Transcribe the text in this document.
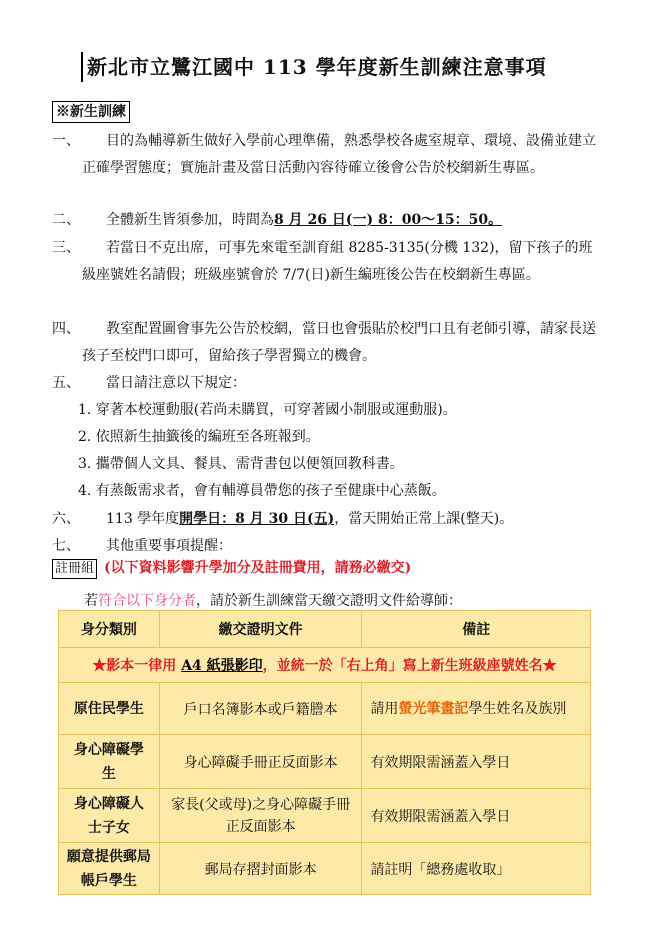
新北市立鷺江國中 113 學年度新生訓練注意事項
※新生訓練
一、	目的為輔導新生做好入學前心理準備，熟悉學校各處室規章、環境、設備並建立正確學習態度；實施計畫及當日活動內容待確立後會公告於校網新生專區。
二、	全體新生皆須參加，時間為8 月 26 日(一) 8：00～15：50。
三、	若當日不克出席，可事先來電至訓育組 8285-3135(分機 132)，留下孩子的班級座號姓名請假；班級座號會於 7/7(日)新生編班後公告在校網新生專區。
四、	教室配置圖會事先公告於校網，當日也會張貼於校門口且有老師引導，請家長送孩子至校門口即可，留給孩子學習獨立的機會。
五、	當日請注意以下規定：
1. 穿著本校運動服(若尚未購買，可穿著國小制服或運動服)。
2. 依照新生抽籤後的編班至各班報到。
3. 攜帶個人文具、餐具、需背書包以便領回教科書。
4. 有蒸飯需求者，會有輔導員帶您的孩子至健康中心蒸飯。
六、	113 學年度開學日：8 月 30 日(五)，當天開始正常上課(整天)。
七、	其他重要事項提醒：
註冊組 (以下資料影響升學加分及註冊費用，請務必繳交)
若符合以下身分者，請於新生訓練當天繳交證明文件給導師：
身分類別	繳交證明文件	備註
★影本一律用 A4 紙張影印，並統一於「右上角」寫上新生班級座號姓名★		
原住民學生	戶口名簿影本或戶籍謄本	請用螢光筆畫記學生姓名及族別
身心障礙學生	身心障礙手冊正反面影本	有效期限需涵蓋入學日
身心障礙人士子女	家長(父或母)之身心障礙手冊正反面影本	有效期限需涵蓋入學日
願意提供郵局帳戶學生	郵局存摺封面影本	請註明「總務處收取」
